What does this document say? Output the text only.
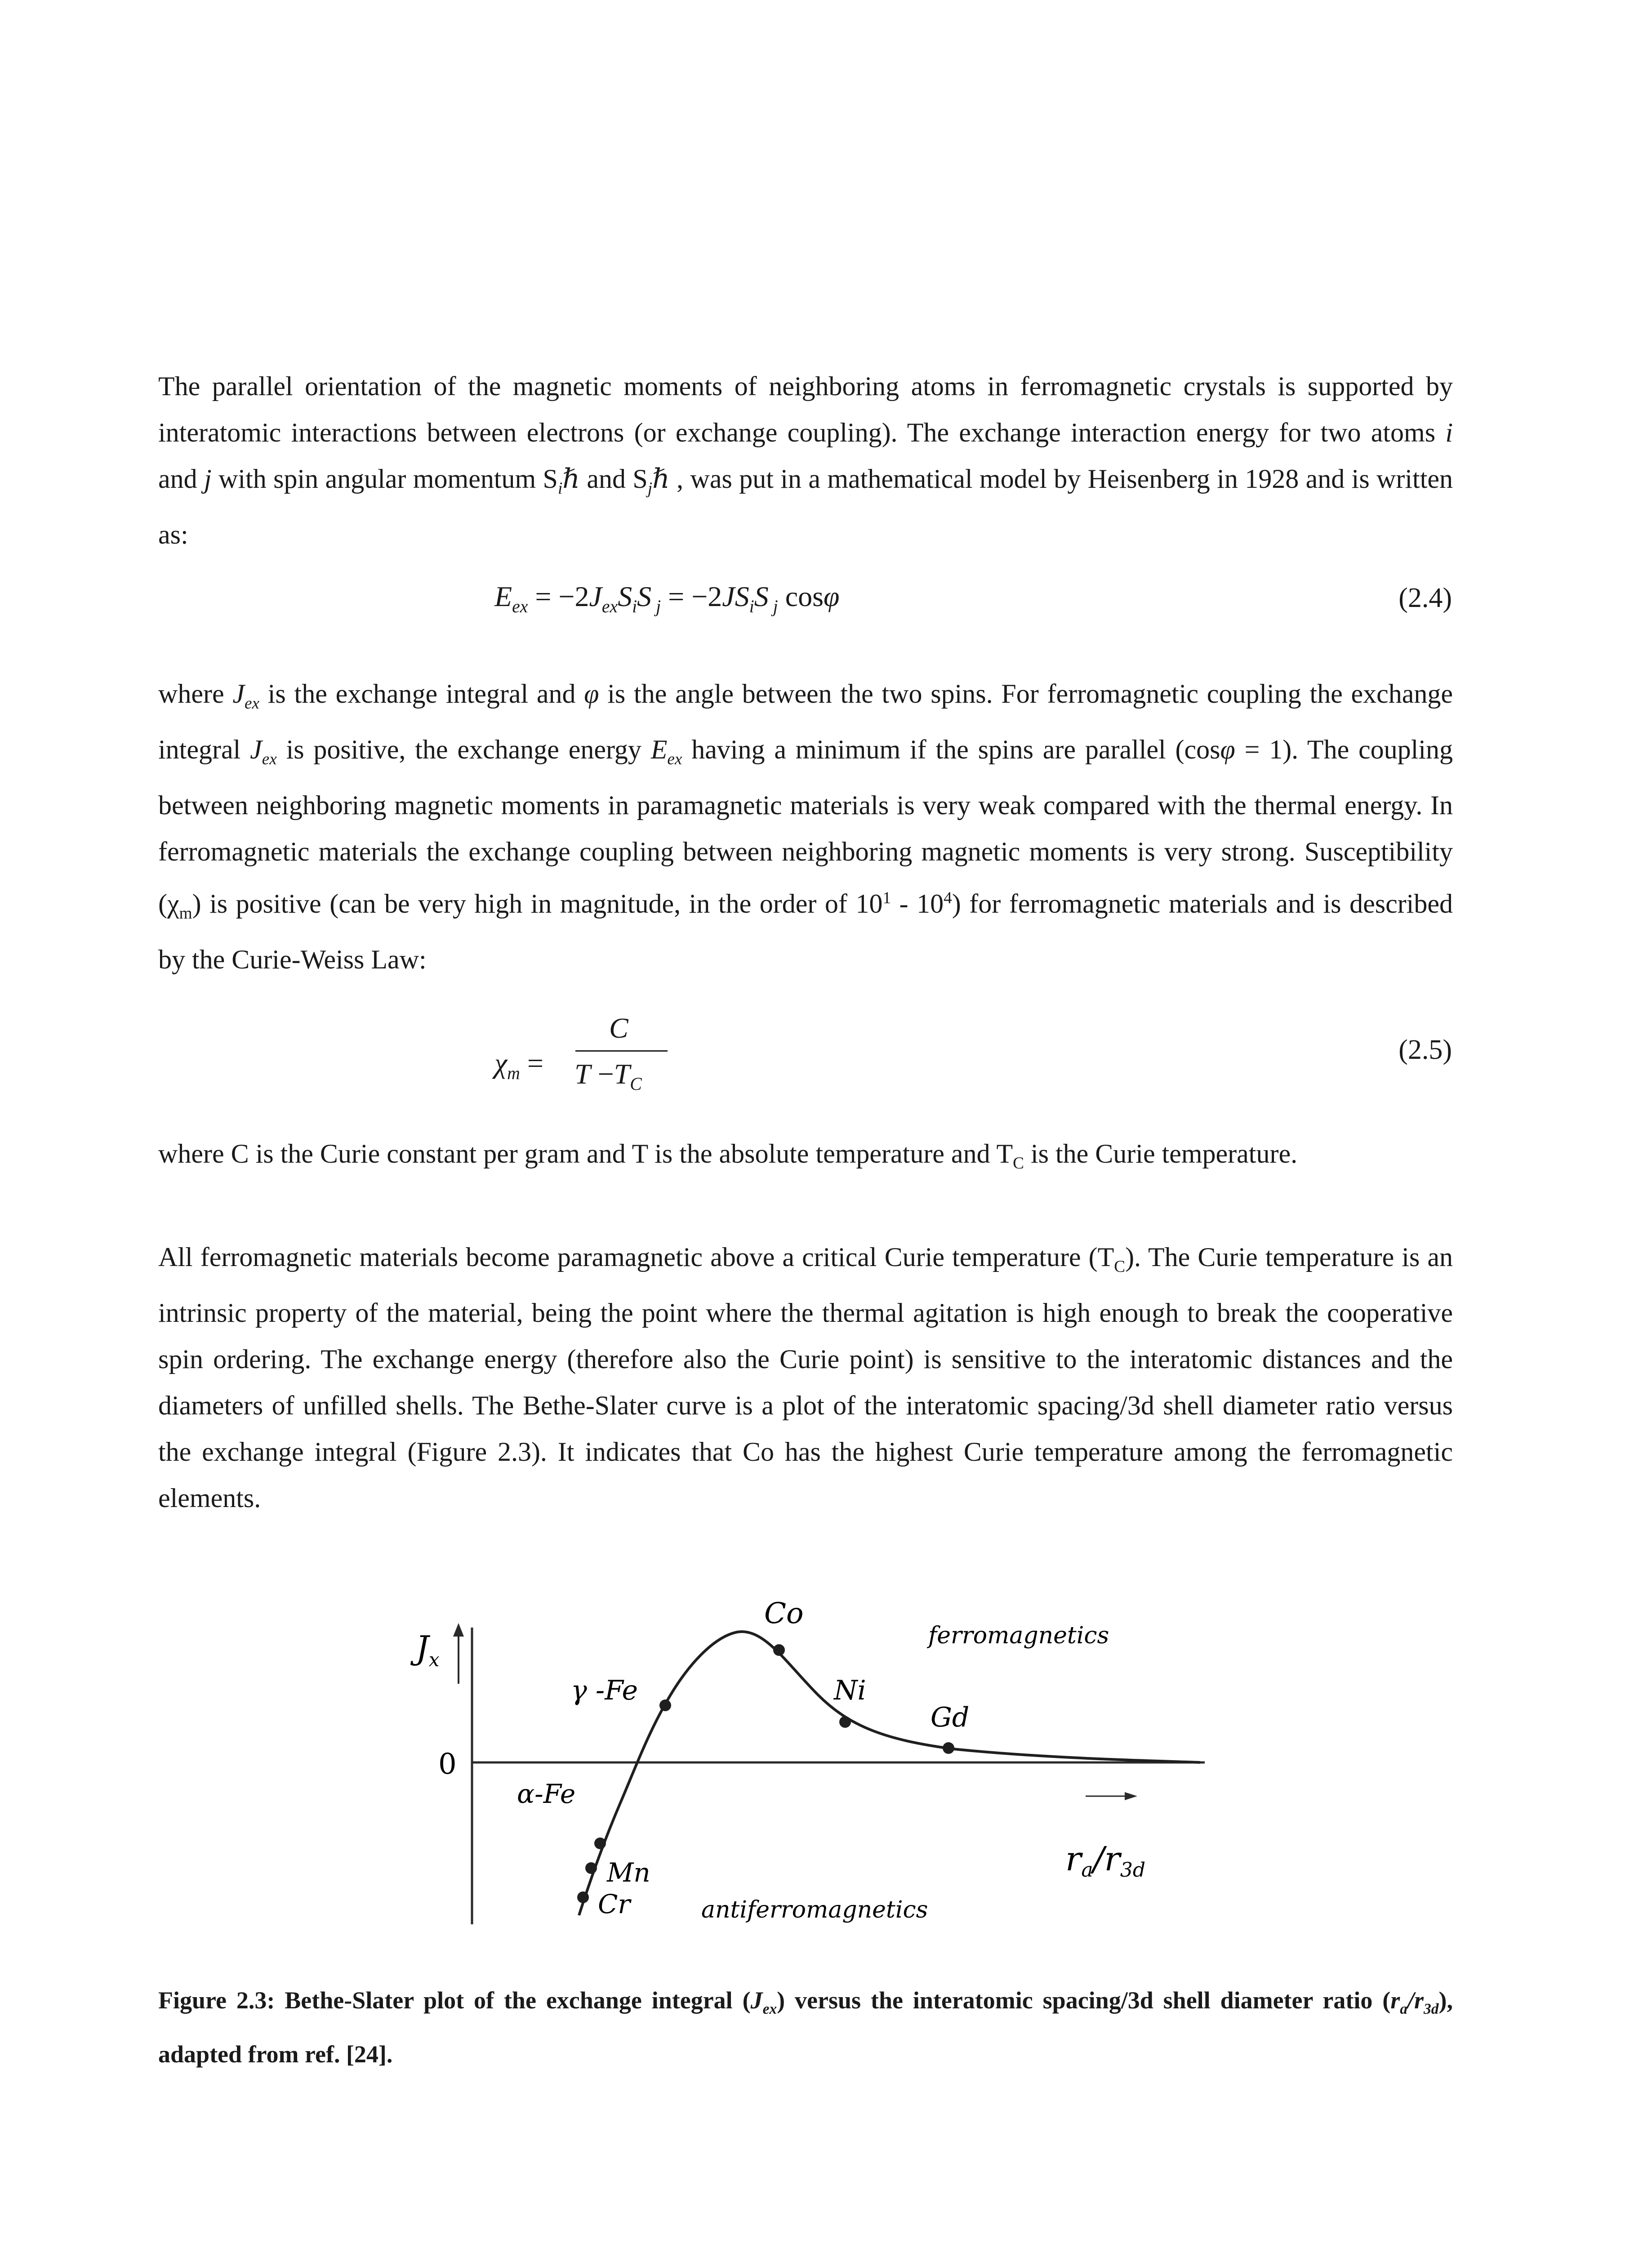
The parallel orientation of the magnetic moments of neighboring atoms in ferromagnetic crystals is supported by interatomic interactions between electrons (or exchange coupling). The exchange interaction energy for two atoms i and j with spin angular momentum $S_i\hbar$ and $S_j\hbar$ , was put in a mathematical model by Heisenberg in 1928 and is written as:

$E_{ex} = -2J_{ex}S_iS$ $_j = -2JS_iS$ $_j$ cosφ	(2.4)

where $J_{ex}$ is the exchange integral and φ is the angle between the two spins. For ferromagnetic coupling the exchange integral $J_{ex}$ is positive, the exchange energy $E_{ex}$ having a minimum if the spins are parallel (cosφ = 1). The coupling between neighboring magnetic moments in paramagnetic materials is very weak compared with the thermal energy. In ferromagnetic materials the exchange coupling between neighboring magnetic moments is very strong. Susceptibility $(\chi_m)$ is positive (can be very high in magnitude, in the order of $10^1 - 10^4$) for ferromagnetic materials and is described by the Curie-Weiss Law:

$\chi_m$ =
C
$T -T_C$
(2.5)

where C is the Curie constant per gram and T is the absolute temperature and $T_C$ is the Curie temperature.

All ferromagnetic materials become paramagnetic above a critical Curie temperature $(T_C)$. The Curie temperature is an intrinsic property of the material, being the point where the thermal agitation is high enough to break the cooperative spin ordering. The exchange energy (therefore also the Curie point) is sensitive to the interatomic distances and the diameters of unfilled shells. The Bethe-Slater curve is a plot of the interatomic spacing/3d shell diameter ratio versus the exchange integral (Figure 2.3). It indicates that Co has the highest Curie temperature among the ferromagnetic elements.

$J_x$
0
Co
Ni
Gd
γ -Fe
α-Fe
Mn
Cr
ferromagnetics
antiferromagnetics
ra/r3d

Figure 2.3: Bethe-Slater plot of the exchange integral $(J_{ex})$ versus the interatomic spacing/3d shell diameter ratio $(r_a/r_{3d})$, adapted from ref. [24].
